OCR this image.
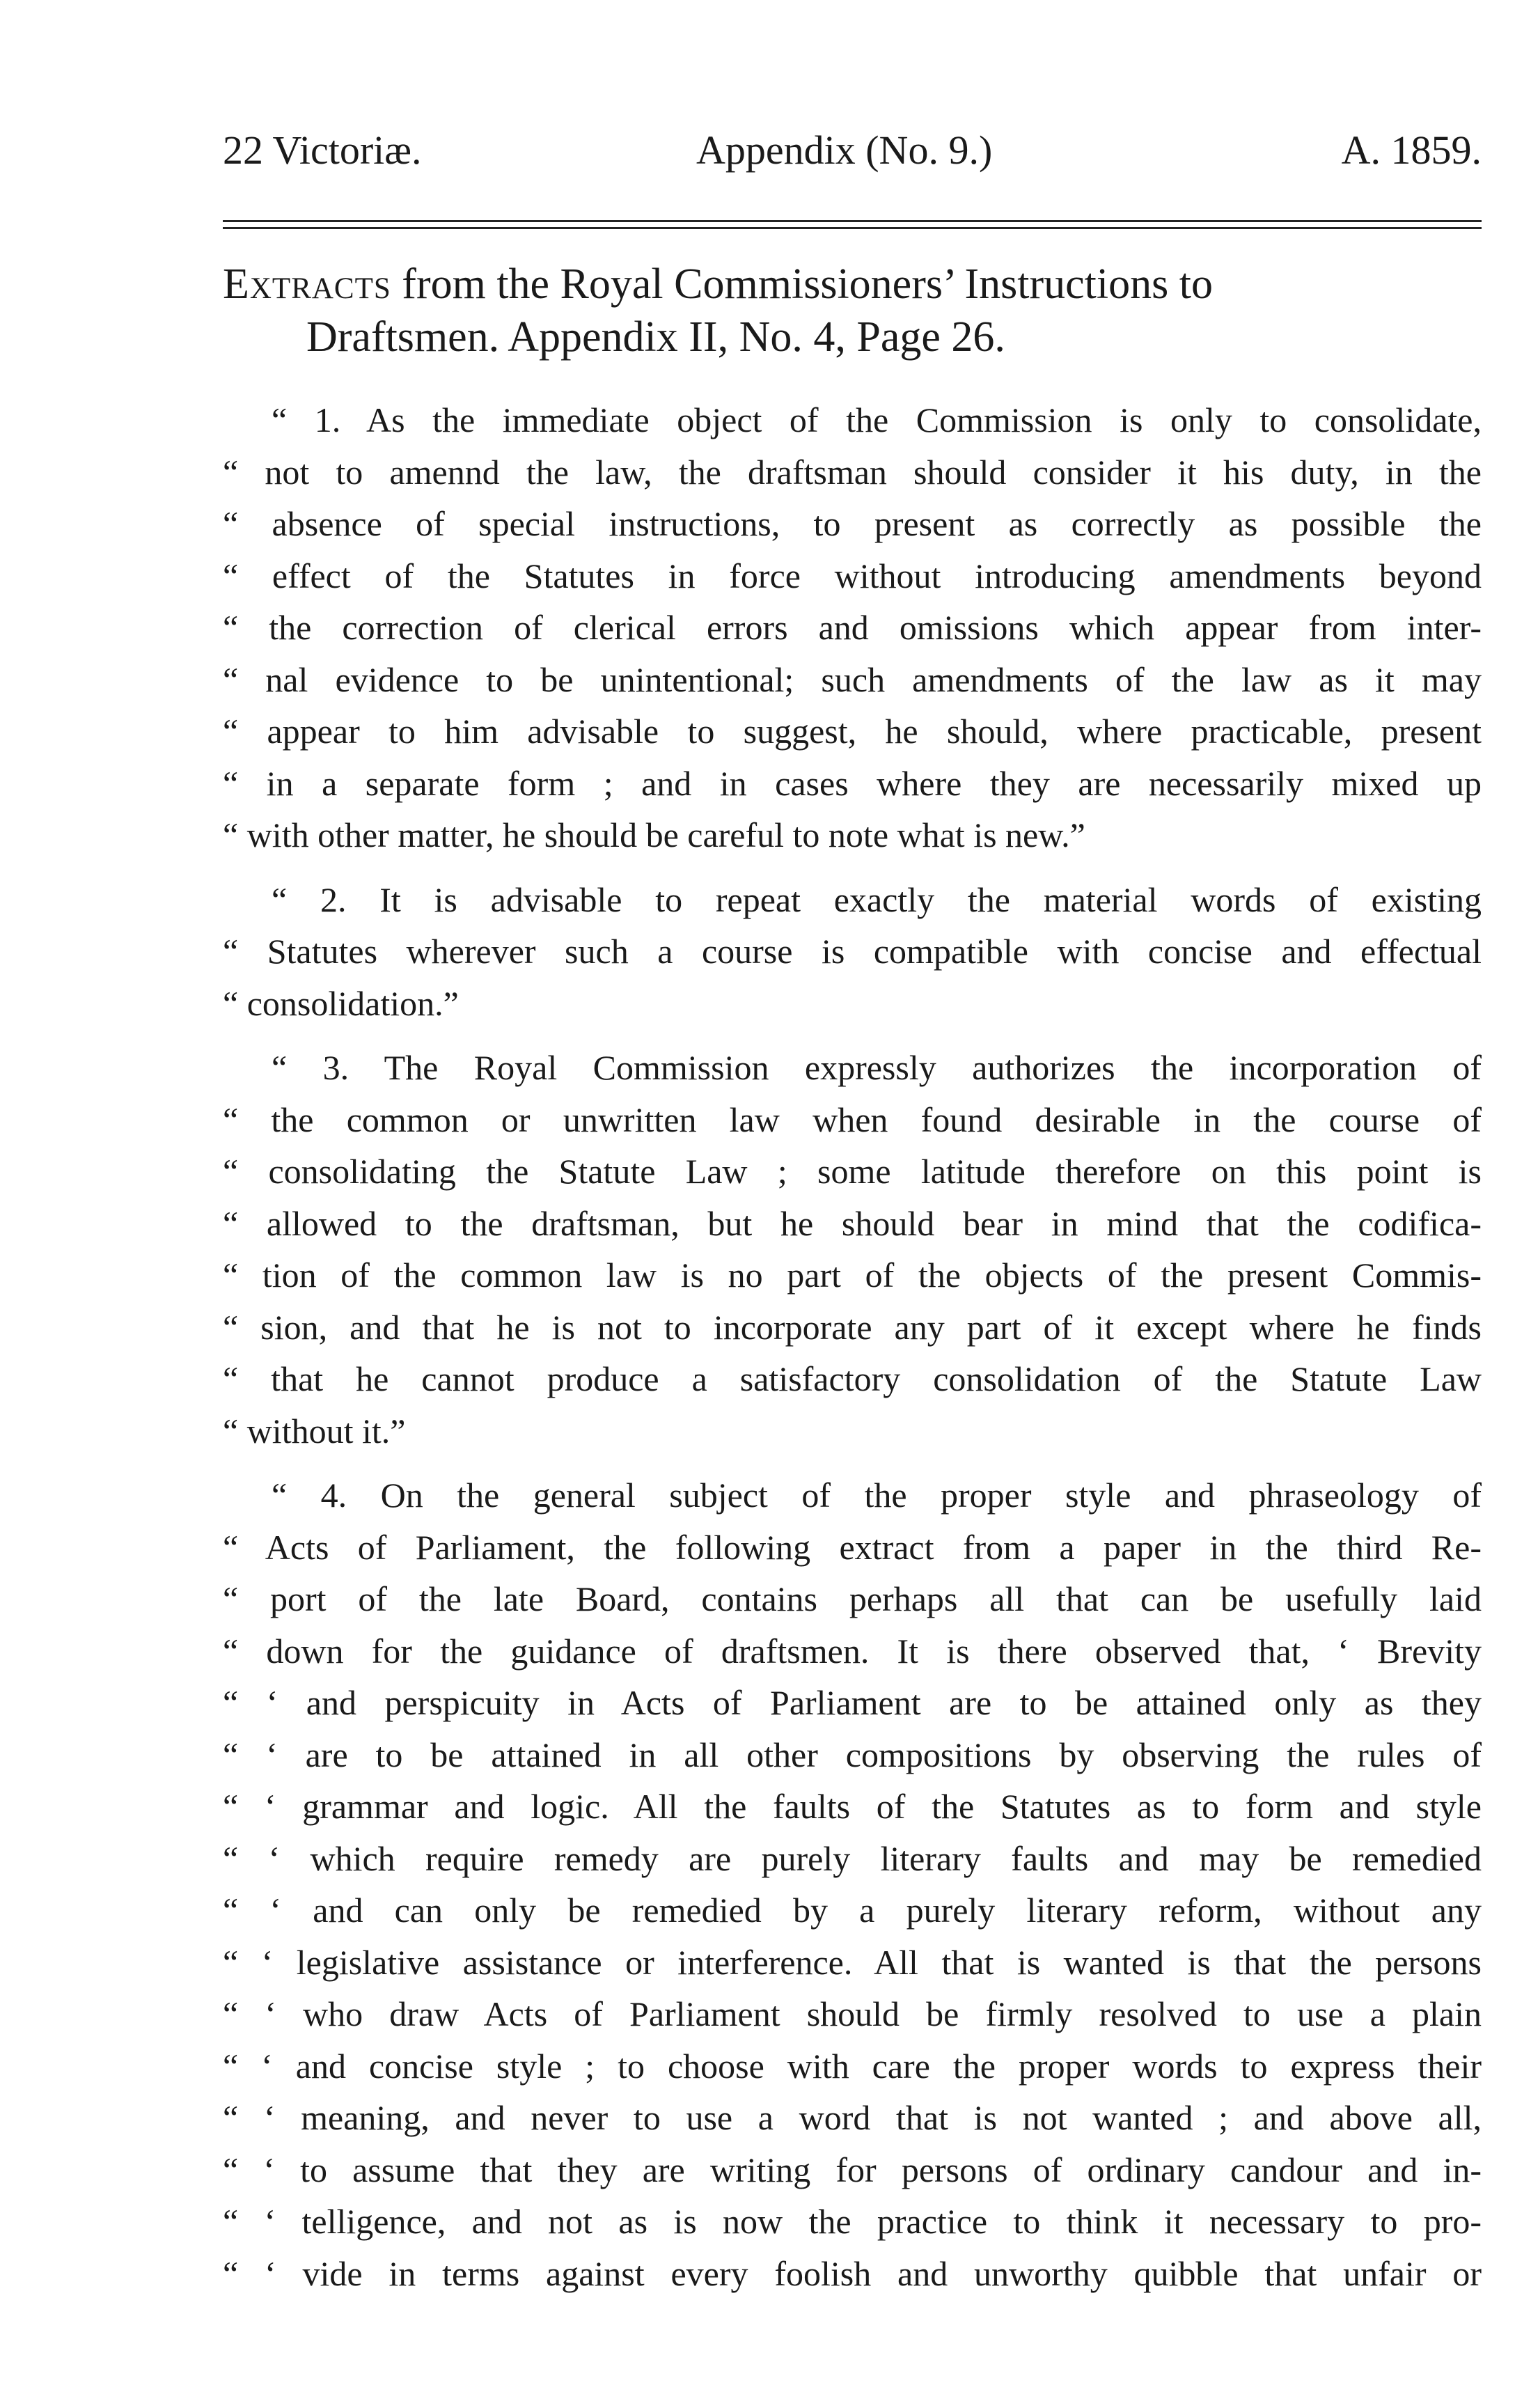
22 Victoriæ.	Appendix (No. 9.)	A. 1859.
Extracts from the Royal Commissioners’ Instructions to
Draftsmen. Appendix II, No. 4, Page 26.
“ 1. As the immediate object of the Commission is only to consolidate,
“ not to amennd the law, the draftsman should consider it his duty, in the
“ absence of special instructions, to present as correctly as possible the
“ effect of the Statutes in force without introducing amendments beyond
“ the correction of clerical errors and omissions which appear from inter-
“ nal evidence to be unintentional; such amendments of the law as it may
“ appear to him advisable to suggest, he should, where practicable, present
“ in a separate form ; and in cases where they are necessarily mixed up
“ with other matter, he should be careful to note what is new.”
“ 2. It is advisable to repeat exactly the material words of existing
“ Statutes wherever such a course is compatible with concise and effectual
“ consolidation.”
“ 3. The Royal Commission expressly authorizes the incorporation of
“ the common or unwritten law when found desirable in the course of
“ consolidating the Statute Law ; some latitude therefore on this point is
“ allowed to the draftsman, but he should bear in mind that the codifica-
“ tion of the common law is no part of the objects of the present Commis-
“ sion, and that he is not to incorporate any part of it except where he finds
“ that he cannot produce a satisfactory consolidation of the Statute Law
“ without it.”
“ 4. On the general subject of the proper style and phraseology of
“ Acts of Parliament, the following extract from a paper in the third Re-
“ port of the late Board, contains perhaps all that can be usefully laid
“ down for the guidance of draftsmen. It is there observed that, ‘ Brevity
“ ‘ and perspicuity in Acts of Parliament are to be attained only as they
“ ‘ are to be attained in all other compositions by observing the rules of
“ ‘ grammar and logic. All the faults of the Statutes as to form and style
“ ‘ which require remedy are purely literary faults and may be remedied
“ ‘ and can only be remedied by a purely literary reform, without any
“ ‘ legislative assistance or interference. All that is wanted is that the persons
“ ‘ who draw Acts of Parliament should be firmly resolved to use a plain
“ ‘ and concise style ; to choose with care the proper words to express their
“ ‘ meaning, and never to use a word that is not wanted ; and above all,
“ ‘ to assume that they are writing for persons of ordinary candour and in-
“ ‘ telligence, and not as is now the practice to think it necessary to pro-
“ ‘ vide in terms against every foolish and unworthy quibble that unfair or
